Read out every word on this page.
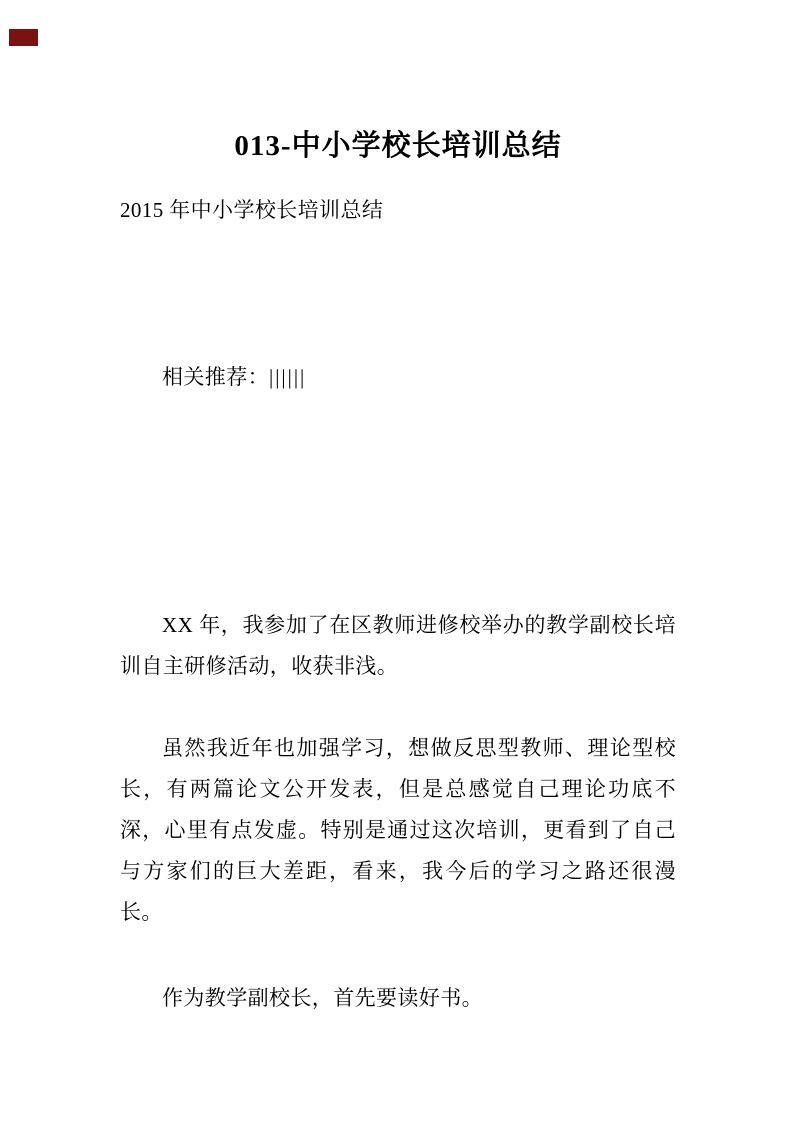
013-中小学校长培训总结
2015 年中小学校长培训总结
相关推荐：||||||

XX 年，我参加了在区教师进修校举办的教学副校长培训自主研修活动，收获非浅。

虽然我近年也加强学习，想做反思型教师、理论型校长，有两篇论文公开发表，但是总感觉自己理论功底不深，心里有点发虚。特别是通过这次培训，更看到了自己与方家们的巨大差距，看来，我今后的学习之路还很漫长。

作为教学副校长，首先要读好书。
